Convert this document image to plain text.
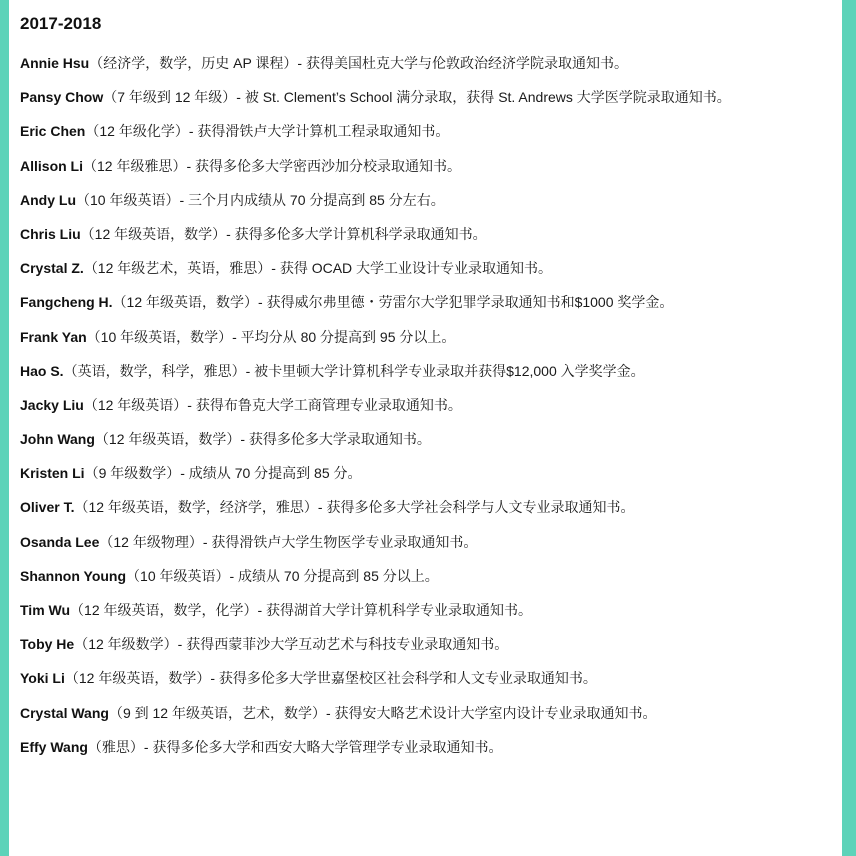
2017-2018
Annie Hsu（经济学，数学，历史 AP 课程）- 获得美国杜克大学与伦敦政治经济学院录取通知书。
Pansy Chow（7 年级到 12 年级）- 被 St. Clement’s School 满分录取，获得 St. Andrews 大学医学院录取通知书。
Eric Chen（12 年级化学）- 获得滑铁卢大学计算机工程录取通知书。
Allison Li（12 年级雅思）- 获得多伦多大学密西沙加分校录取通知书。
Andy Lu（10 年级英语）- 三个月内成绩从 70 分提高到 85 分左右。
Chris Liu（12 年级英语，数学）- 获得多伦多大学计算机科学录取通知书。
Crystal Z.（12 年级艺术，英语，雅思）- 获得 OCAD 大学工业设计专业录取通知书。
Fangcheng H.（12 年级英语，数学）- 获得威尔弗里德・劳雷尔大学犯罪学录取通知书和$1000 奖学金。
Frank Yan（10 年级英语，数学）- 平均分从 80 分提高到 95 分以上。
Hao S.（英语，数学，科学，雅思）- 被卡里顿大学计算机科学专业录取并获得$12,000 入学奖学金。
Jacky Liu（12 年级英语）- 获得布鲁克大学工商管理专业录取通知书。
John Wang（12 年级英语，数学）- 获得多伦多大学录取通知书。
Kristen Li（9 年级数学）- 成绩从 70 分提高到 85 分。
Oliver T.（12 年级英语，数学，经济学，雅思）- 获得多伦多大学社会科学与人文专业录取通知书。
Osanda Lee（12 年级物理）- 获得滑铁卢大学生物医学专业录取通知书。
Shannon Young（10 年级英语）- 成绩从 70 分提高到 85 分以上。
Tim Wu（12 年级英语，数学，化学）- 获得湖首大学计算机科学专业录取通知书。
Toby He（12 年级数学）- 获得西蒙菲沙大学互动艺术与科技专业录取通知书。
Yoki Li（12 年级英语，数学）- 获得多伦多大学世嘉堡校区社会科学和人文专业录取通知书。
Crystal Wang（9 到 12 年级英语，艺术，数学）- 获得安大略艺术设计大学室内设计专业录取通知书。
Effy Wang（雅思）- 获得多伦多大学和西安大略大学管理学专业录取通知书。
